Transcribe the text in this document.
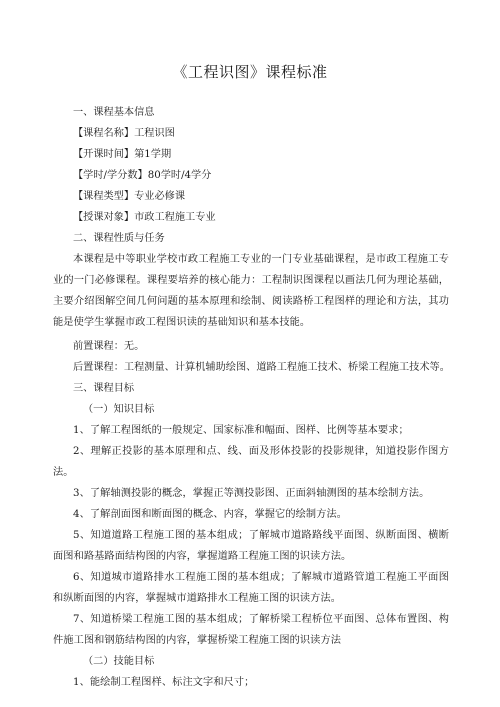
《工程识图》课程标准
一、课程基本信息
【课程名称】工程识图
【开课时间】第1学期
【学时/学分数】80学时/4学分
【课程类型】专业必修课
【授课对象】市政工程施工专业
二、课程性质与任务
本课程是中等职业学校市政工程施工专业的一门专业基础课程，是市政工程施工专业的一门必修课程。课程要培养的核心能力：工程制识图课程以画法几何为理论基础，主要介绍图解空间几何问题的基本原理和绘制、阅读路桥工程图样的理论和方法，其功能是使学生掌握市政工程图识读的基础知识和基本技能。
前置课程：无。
后置课程：工程测量、计算机辅助绘图、道路工程施工技术、桥梁工程施工技术等。
三、课程目标
（一）知识目标
1、了解工程图纸的一般规定、国家标准和幅面、图样、比例等基本要求；
2、理解正投影的基本原理和点、线、面及形体投影的投影规律，知道投影作图方法。
3、了解轴测投影的概念，掌握正等测投影图、正面斜轴测图的基本绘制方法。
4、了解剖面图和断面图的概念、内容，掌握它的绘制方法。
5、知道道路工程施工图的基本组成；了解城市道路路线平面图、纵断面图、横断面图和路基路面结构图的内容，掌握道路工程施工图的识读方法。
6、知道城市道路排水工程施工图的基本组成；了解城市道路管道工程施工平面图和纵断面图的内容，掌握城市道路排水工程施工图的识读方法。
7、知道桥梁工程施工图的基本组成；了解桥梁工程桥位平面图、总体布置图、构件施工图和钢筋结构图的内容，掌握桥梁工程施工图的识读方法
（二）技能目标
1、能绘制工程图样、标注文字和尺寸；
